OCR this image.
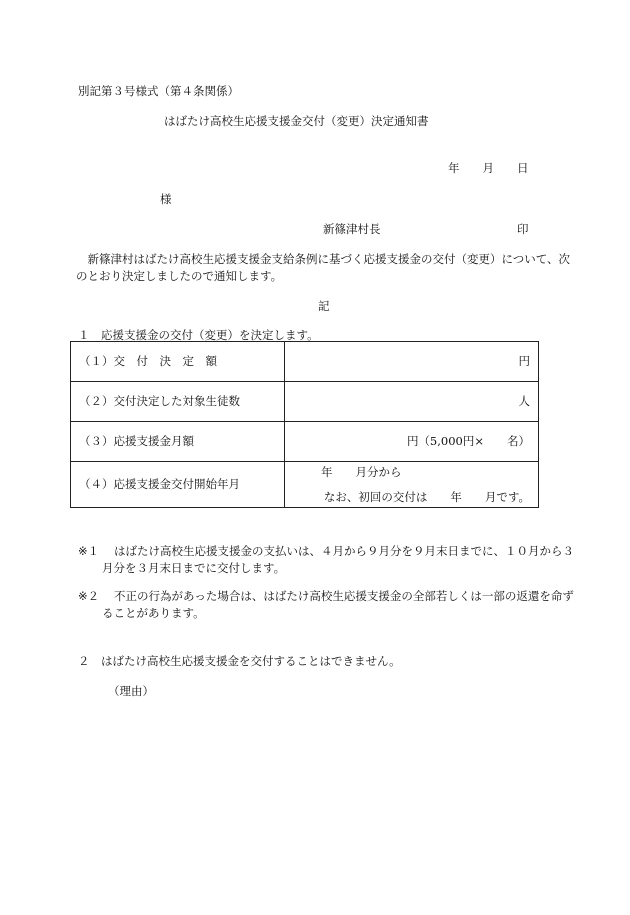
別記第３号様式（第４条関係）
はばたけ高校生応援支援金交付（変更）決定通知書
年　　月　　日
様
新篠津村長	印
　新篠津村はばたけ高校生応援支援金支給条例に基づく応援支援金の交付（変更）について、次のとおり決定しましたので通知します。
記
１　応援支援金の交付（変更）を決定します。
（１）交　付　決　定　額	円
（２）交付決定した対象生徒数	人
（３）応援支援金月額	円（5,000円×　　名）
（４）応援支援金交付開始年月	年　　月分から
なお、初回の交付は　　年　　月です。
※１	はばたけ高校生応援支援金の支払いは、４月から９月分を９月末日までに、１０月から３月分を３月末日までに交付します。
※２	不正の行為があった場合は、はばたけ高校生応援支援金の全部若しくは一部の返還を命ずることがあります。
２　はばたけ高校生応援支援金を交付することはできません。
（理由）
